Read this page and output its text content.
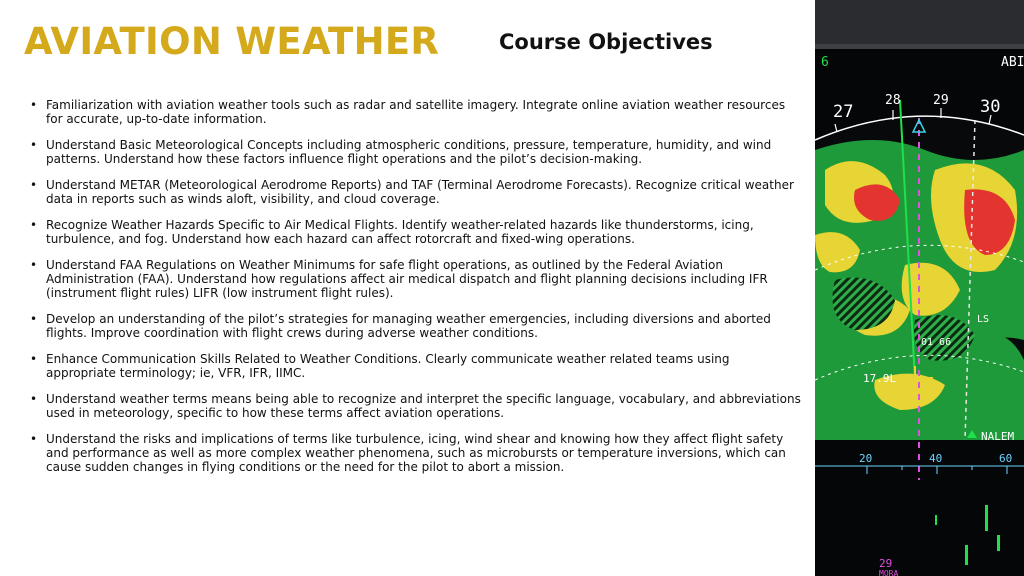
AVIATION WEATHER	Course Objectives
• Familiarization with aviation weather tools such as radar and satellite imagery. Integrate online aviation weather resources for accurate, up-to-date information.
• Understand Basic Meteorological Concepts including atmospheric conditions, pressure, temperature, humidity, and wind patterns. Understand how these factors influence flight operations and the pilot’s decision-making.
• Understand METAR (Meteorological Aerodrome Reports) and TAF (Terminal Aerodrome Forecasts). Recognize critical weather data in reports such as winds aloft, visibility, and cloud coverage.
• Recognize Weather Hazards Specific to Air Medical Flights. Identify weather-related hazards like thunderstorms, icing, turbulence, and fog. Understand how each hazard can affect rotorcraft and fixed-wing operations.
• Understand FAA Regulations on Weather Minimums for safe flight operations, as outlined by the Federal Aviation Administration (FAA). Understand how regulations affect air medical dispatch and flight planning decisions including IFR (instrument flight rules) LIFR (low instrument flight rules).
• Develop an understanding of the pilot’s strategies for managing weather emergencies, including diversions and aborted flights. Improve coordination with flight crews during adverse weather conditions.
• Enhance Communication Skills Related to Weather Conditions. Clearly communicate weather related teams using appropriate terminology; ie, VFR, IFR, IIMC.
• Understand weather terms means being able to recognize and interpret the specific language, vocabulary, and abbreviations used in meteorology, specific to how these terms affect aviation operations.
• Understand the risks and implications of terms like turbulence, icing, wind shear and knowing how they affect flight safety and performance as well as more complex weather phenomena, such as microbursts or temperature inversions, which can cause sudden changes in flying conditions or the need for the pilot to abort a mission.
6	ABI
27
28 29 30
17.9L
01 66
LS
NALEM
20	40	60
29
MORA
